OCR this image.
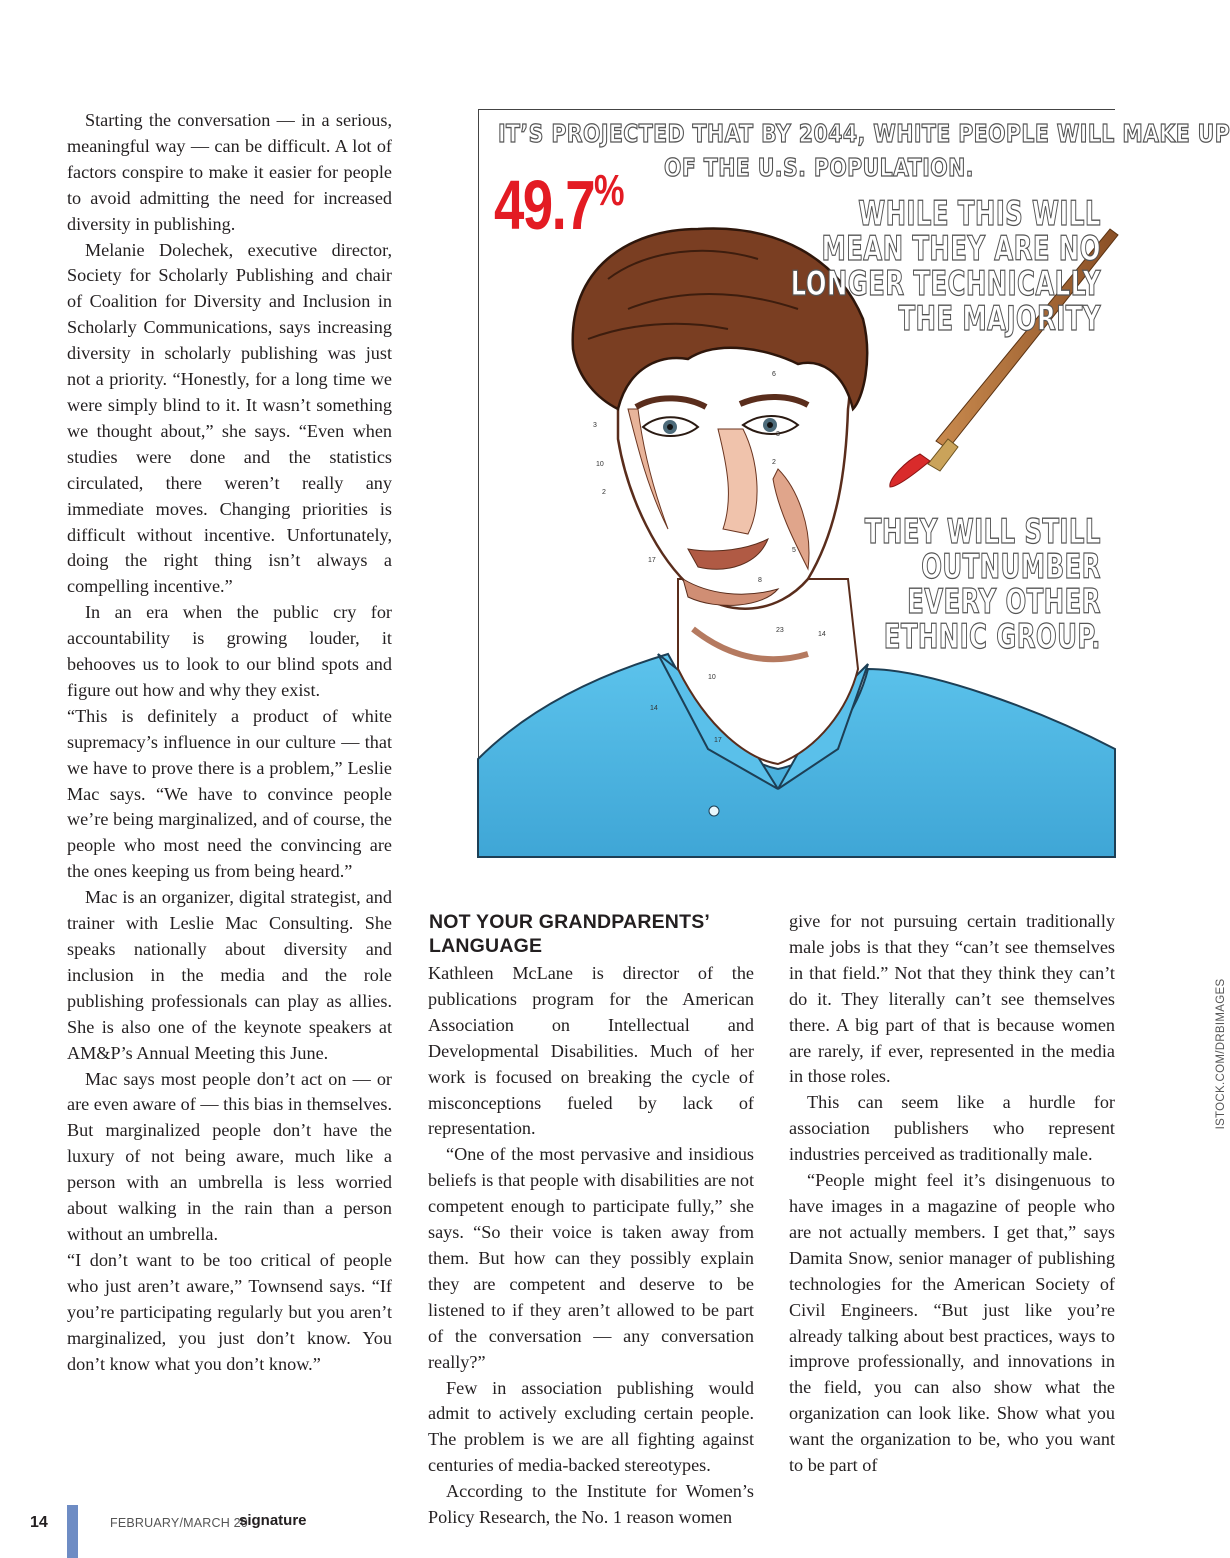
Starting the conversation — in a serious, meaningful way — can be difficult. A lot of factors conspire to make it easier for people to avoid admitting the need for increased diversity in publishing.

Melanie Dolechek, executive director, Society for Scholarly Publishing and chair of Coalition for Diversity and Inclusion in Scholarly Communications, says increasing diversity in scholarly publishing was just not a priority. “Honestly, for a long time we were simply blind to it. It wasn’t something we thought about,” she says. “Even when studies were done and the statistics circulated, there weren’t really any immediate moves. Changing priorities is difficult without incentive. Unfortunately, doing the right thing isn’t always a compelling incentive.”

In an era when the public cry for accountability is growing louder, it behooves us to look to our blind spots and figure out how and why they exist.

“This is definitely a product of white supremacy’s influence in our culture — that we have to prove there is a problem,” Leslie Mac says. “We have to convince people we’re being marginalized, and of course, the people who most need the convincing are the ones keeping us from being heard.”

Mac is an organizer, digital strategist, and trainer with Leslie Mac Consulting. She speaks nationally about diversity and inclusion in the media and the role publishing professionals can play as allies. She is also one of the keynote speakers at AM&P’s Annual Meeting this June.

Mac says most people don’t act on — or are even aware of — this bias in themselves. But marginalized people don’t have the luxury of not being aware, much like a person with an umbrella is less worried about walking in the rain than a person without an umbrella.

“I don’t want to be too critical of people who just aren’t aware,” Townsend says. “If you’re participating regularly but you aren’t marginalized, you just don’t know. You don’t know what you don’t know.”

IT’S PROJECTED THAT BY 2044, WHITE PEOPLE WILL MAKE UP
49.7% OF THE U.S. POPULATION.
WHILE THIS WILL
MEAN THEY ARE NO
LONGER TECHNICALLY
THE MAJORITY
THEY WILL STILL
OUTNUMBER
EVERY OTHER
ETHNIC GROUP.
6
3
3
2
10
2
17
5
8
23
14
10
14
17
NOT YOUR GRANDPARENTS’ LANGUAGE

Kathleen McLane is director of the publications program for the American Association on Intellectual and Developmental Disabilities. Much of her work is focused on breaking the cycle of misconceptions fueled by lack of representation.

“One of the most pervasive and insidious beliefs is that people with disabilities are not competent enough to participate fully,” she says. “So their voice is taken away from them. But how can they possibly explain they are competent and deserve to be listened to if they aren’t allowed to be part of the conversation — any conversation really?”

Few in association publishing would admit to actively excluding certain people. The problem is we are all fighting against centuries of media-backed stereotypes.

According to the Institute for Women’s Policy Research, the No. 1 reason women

give for not pursuing certain traditionally male jobs is that they “can’t see themselves in that field.” Not that they think they can’t do it. They literally can’t see themselves there. A big part of that is because women are rarely, if ever, represented in the media in those roles.

This can seem like a hurdle for association publishers who represent industries perceived as traditionally male.

“People might feel it’s disingenuous to have images in a magazine of people who are not actually members. I get that,” says Damita Snow, senior manager of publishing technologies for the American Society of Civil Engineers. “But just like you’re already talking about best practices, ways to improve professionally, and innovations in the field, you can also show what the organization can look like. Show what you want the organization to be, who you want to be part of

ISTOCK.COM/DRBIMAGES
14	FEBRUARY/MARCH 20
signature
